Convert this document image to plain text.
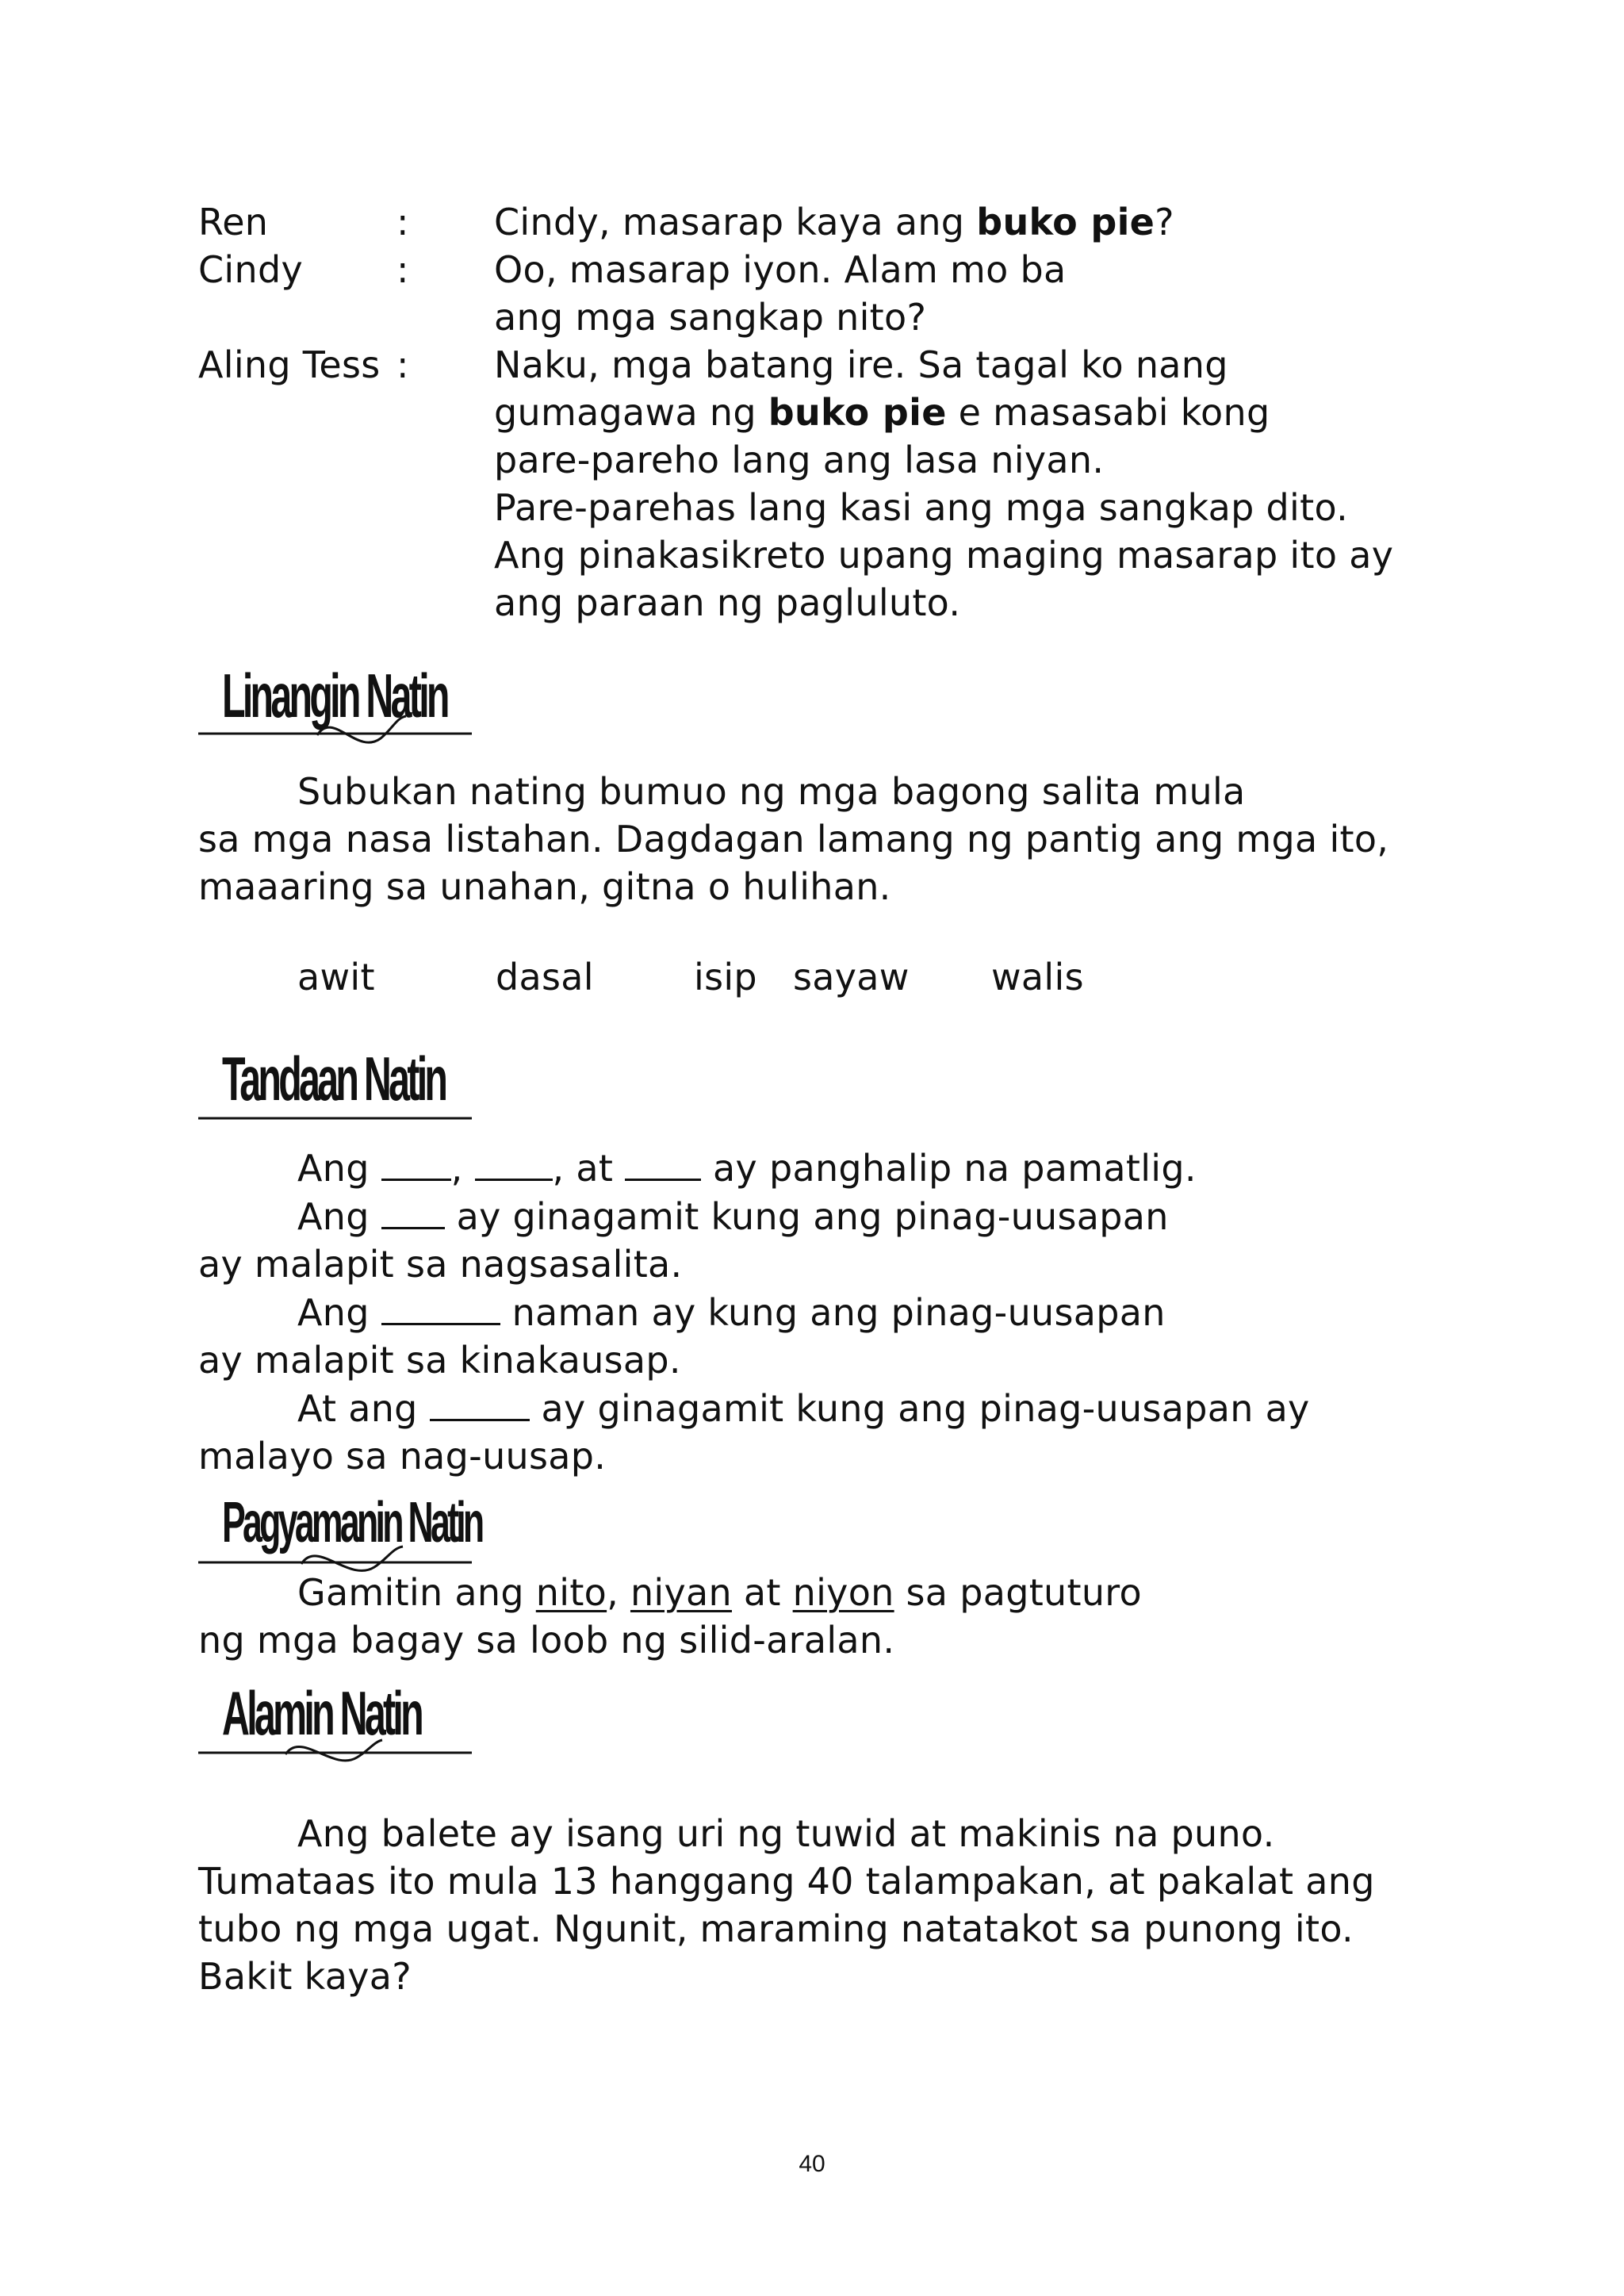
Ren	:	Cindy, masarap kaya ang buko pie?
Cindy	:	Oo, masarap iyon. Alam mo ba
ang mga sangkap nito?
Aling Tess :	Naku, mga batang ire. Sa tagal ko nang
gumagawa ng buko pie e masasabi kong
pare-pareho lang ang lasa niyan.
Pare-parehas lang kasi ang mga sangkap dito.
Ang pinakasikreto upang maging masarap ito ay
ang paraan ng pagluluto.
Linangin Natin
Subukan nating bumuo ng mga bagong salita mula
sa mga nasa listahan. Dagdagan lamang ng pantig ang mga ito,
maaaring sa unahan, gitna o hulihan.
awit	dasal	isip sayaw walis
Tandaan Natin
Ang , , at  ay panghalip na pamatlig.
Ang  ay ginagamit kung ang pinag-uusapan
ay malapit sa nagsasalita.
Ang	naman ay kung ang pinag-uusapan
ay malapit sa kinakausap.
At ang	ay ginagamit kung ang pinag-uusapan ay
malayo sa nag-uusap.
Pagyamanin Natin
Gamitin ang nito, niyan at niyon sa pagtuturo
ng mga bagay sa loob ng silid-aralan.
Alamin Natin
Ang balete ay isang uri ng tuwid at makinis na puno.
Tumataas ito mula 13 hanggang 40 talampakan, at pakalat ang
tubo ng mga ugat. Ngunit, maraming natatakot sa punong ito.
Bakit kaya?
40
